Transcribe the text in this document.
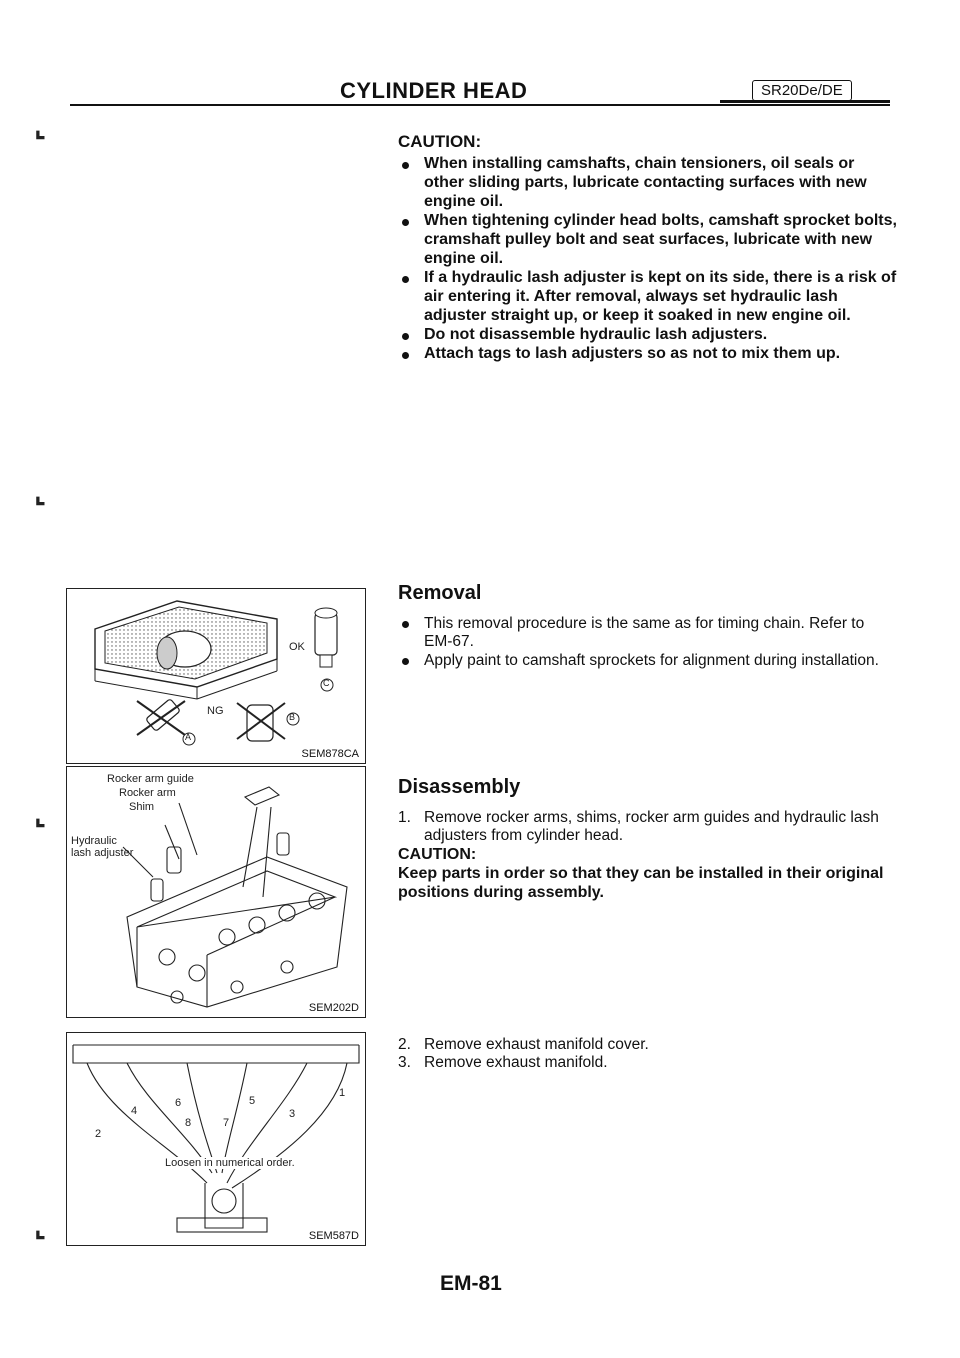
⌞
⌞
⌞
⌞
CYLINDER HEAD	SR20De/DE
CAUTION:
When installing camshafts, chain tensioners, oil seals or other sliding parts, lubricate contacting surfaces with new engine oil.
When tightening cylinder head bolts, camshaft sprocket bolts, cramshaft pulley bolt and seat surfaces, lubricate with new engine oil.
If a hydraulic lash adjuster is kept on its side, there is a risk of air entering it. After removal, always set hydraulic lash adjuster straight up, or keep it soaked in new engine oil.
Do not disassemble hydraulic lash adjusters.
Attach tags to lash adjusters so as not to mix them up.
Removal
This removal procedure is the same as for timing chain. Refer to EM-67.
Apply paint to camshaft sprockets for alignment during installation.
Disassembly
1. Remove rocker arms, shims, rocker arm guides and hydraulic lash adjusters from cylinder head.
CAUTION:
Keep parts in order so that they can be installed in their original positions during assembly.
2. Remove exhaust manifold cover.
3. Remove exhaust manifold.
OK
NG
A
B
C
SEM878CA
Rocker arm guide
Rocker arm
Shim
Hydraulic
lash adjuster
SEM202D
1
2
3
4
5
6
7
8
Loosen in numerical order.
SEM587D
EM-81
